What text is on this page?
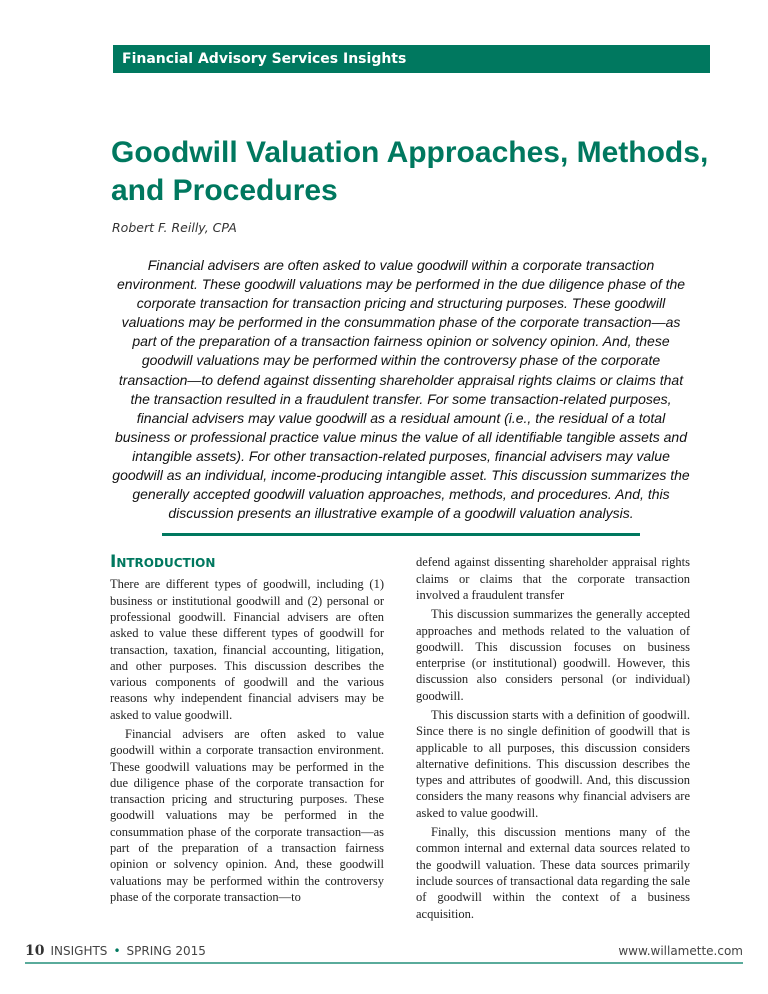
Financial Advisory Services Insights
Goodwill Valuation Approaches, Methods, and Procedures
Robert F. Reilly, CPA

Financial advisers are often asked to value goodwill within a corporate transaction environment. These goodwill valuations may be performed in the due diligence phase of the corporate transaction for transaction pricing and structuring purposes. These goodwill valuations may be performed in the consummation phase of the corporate transaction—as part of the preparation of a transaction fairness opinion or solvency opinion. And, these goodwill valuations may be performed within the controversy phase of the corporate transaction—to defend against dissenting shareholder appraisal rights claims or claims that the transaction resulted in a fraudulent transfer. For some transaction-related purposes, financial advisers may value goodwill as a residual amount (i.e., the residual of a total business or professional practice value minus the value of all identifiable tangible assets and intangible assets). For other transaction-related purposes, financial advisers may value goodwill as an individual, income-producing intangible asset. This discussion summarizes the generally accepted goodwill valuation approaches, methods, and procedures. And, this discussion presents an illustrative example of a goodwill valuation analysis.

Introduction

There are different types of goodwill, including (1) business or institutional goodwill and (2) personal or professional goodwill. Financial advisers are often asked to value these different types of goodwill for transaction, taxation, financial accounting, litigation, and other purposes. This discussion describes the various components of goodwill and the various reasons why independent financial advisers may be asked to value goodwill.

Financial advisers are often asked to value goodwill within a corporate transaction environment. These goodwill valuations may be performed in the due diligence phase of the corporate transaction for transaction pricing and structuring purposes. These goodwill valuations may be performed in the consummation phase of the corporate transaction—as part of the preparation of a transaction fairness opinion or solvency opinion. And, these goodwill valuations may be performed within the controversy phase of the corporate transaction—to

defend against dissenting shareholder appraisal rights claims or claims that the corporate transaction involved a fraudulent transfer

This discussion summarizes the generally accepted approaches and methods related to the valuation of goodwill. This discussion focuses on business enterprise (or institutional) goodwill. However, this discussion also considers personal (or individual) goodwill.

This discussion starts with a definition of goodwill. Since there is no single definition of goodwill that is applicable to all purposes, this discussion considers alternative definitions. This discussion describes the types and attributes of goodwill. And, this discussion considers the many reasons why financial advisers are asked to value goodwill.

Finally, this discussion mentions many of the common internal and external data sources related to the goodwill valuation. These data sources primarily include sources of transactional data regarding the sale of goodwill within the context of a business acquisition.

10 INSIGHTS • SPRING 2015	www.willamette.com
